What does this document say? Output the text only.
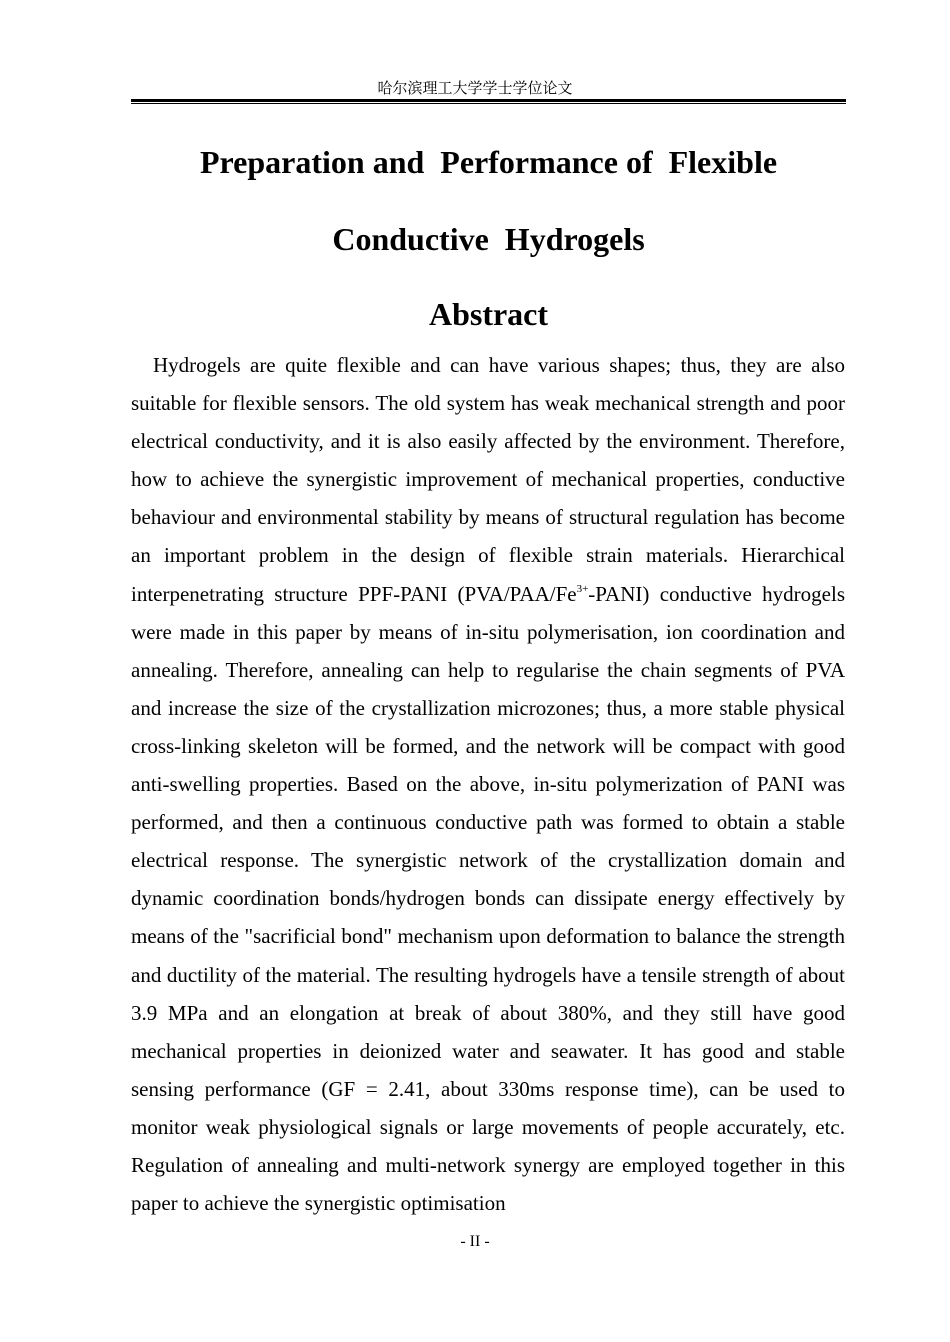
哈尔滨理工大学学士学位论文
Preparation and  Performance of  Flexible
Conductive  Hydrogels
Abstract

Hydrogels are quite flexible and can have various shapes; thus, they are also suitable for flexible sensors. The old system has weak mechanical strength and poor electrical conductivity, and it is also easily affected by the environment. Therefore, how to achieve the synergistic improvement of mechanical properties, conductive behaviour and environmental stability by means of structural regulation has become an important problem in the design of flexible strain materials. Hierarchical interpenetrating structure PPF-PANI $(PVA/PAA/Fe^{3+}-PANI)$ conductive hydrogels were made in this paper by means of in-situ polymerisation, ion coordination and annealing. Therefore, annealing can help to regularise the chain segments of PVA and increase the size of the crystallization microzones; thus, a more stable physical cross-linking skeleton will be formed, and the network will be compact with good anti-swelling properties. Based on the above, in-situ polymerization of PANI was performed, and then a continuous conductive path was formed to obtain a stable electrical response. The synergistic network of the crystallization domain and dynamic coordination bonds/hydrogen bonds can dissipate energy effectively by means of the "sacrificial bond" mechanism upon deformation to balance the strength and ductility of the material. The resulting hydrogels have a tensile strength of about 3.9 MPa and an elongation at break of about 380%, and they still have good mechanical properties in deionized water and seawater. It has good and stable sensing performance (GF = 2.41, about 330ms response time), can be used to monitor weak physiological signals or large movements of people accurately, etc. Regulation of annealing and multi-network synergy are employed together in this paper to achieve the synergistic optimisation

- II -
